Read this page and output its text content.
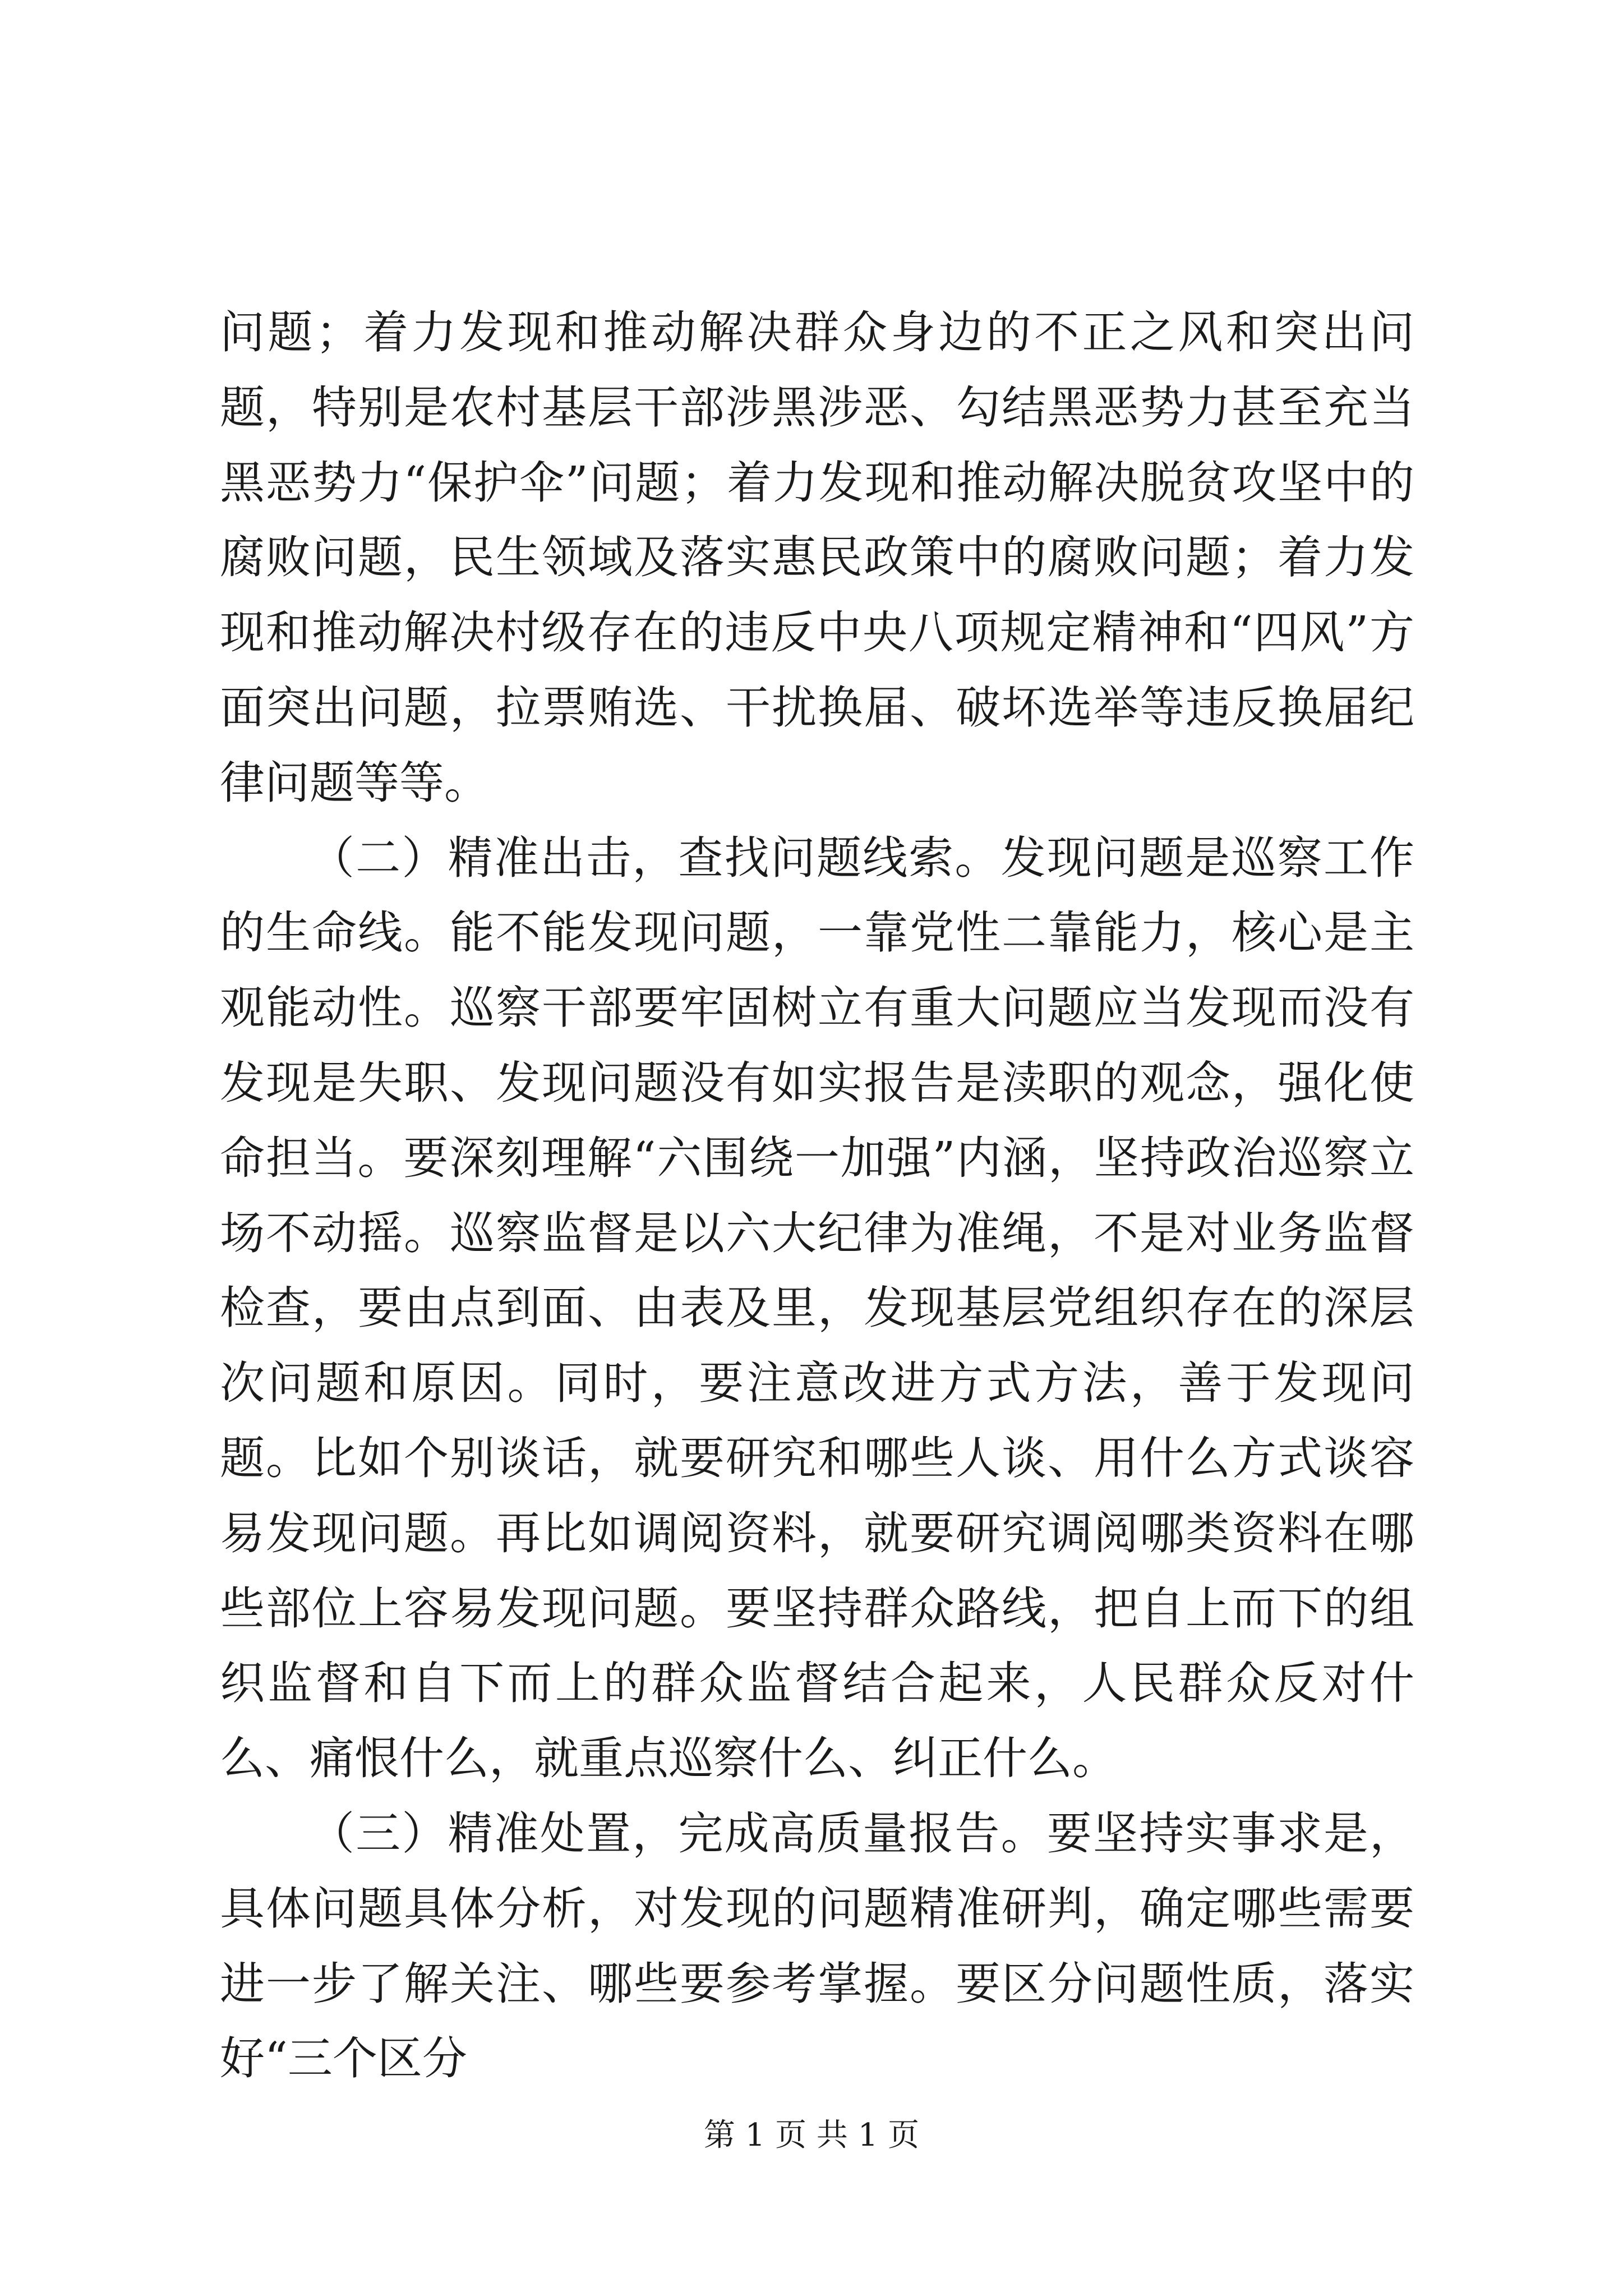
问题；着力发现和推动解决群众身边的不正之风和突出问题，特别是农村基层干部涉黑涉恶、勾结黑恶势力甚至充当黑恶势力“保护伞”问题；着力发现和推动解决脱贫攻坚中的腐败问题，民生领域及落实惠民政策中的腐败问题；着力发现和推动解决村级存在的违反中央八项规定精神和“四风”方面突出问题，拉票贿选、干扰换届、破坏选举等违反换届纪律问题等等。

（二）精准出击，查找问题线索。发现问题是巡察工作的生命线。能不能发现问题，一靠党性二靠能力，核心是主观能动性。巡察干部要牢固树立有重大问题应当发现而没有发现是失职、发现问题没有如实报告是渎职的观念，强化使命担当。要深刻理解“六围绕一加强”内涵，坚持政治巡察立场不动摇。巡察监督是以六大纪律为准绳，不是对业务监督检查，要由点到面、由表及里，发现基层党组织存在的深层次问题和原因。同时，要注意改进方式方法，善于发现问题。比如个别谈话，就要研究和哪些人谈、用什么方式谈容易发现问题。再比如调阅资料，就要研究调阅哪类资料在哪些部位上容易发现问题。要坚持群众路线，把自上而下的组织监督和自下而上的群众监督结合起来，人民群众反对什么、痛恨什么，就重点巡察什么、纠正什么。

（三）精准处置，完成高质量报告。要坚持实事求是，具体问题具体分析，对发现的问题精准研判，确定哪些需要进一步了解关注、哪些要参考掌握。要区分问题性质，落实好“三个区分

第 1 页 共 1 页
